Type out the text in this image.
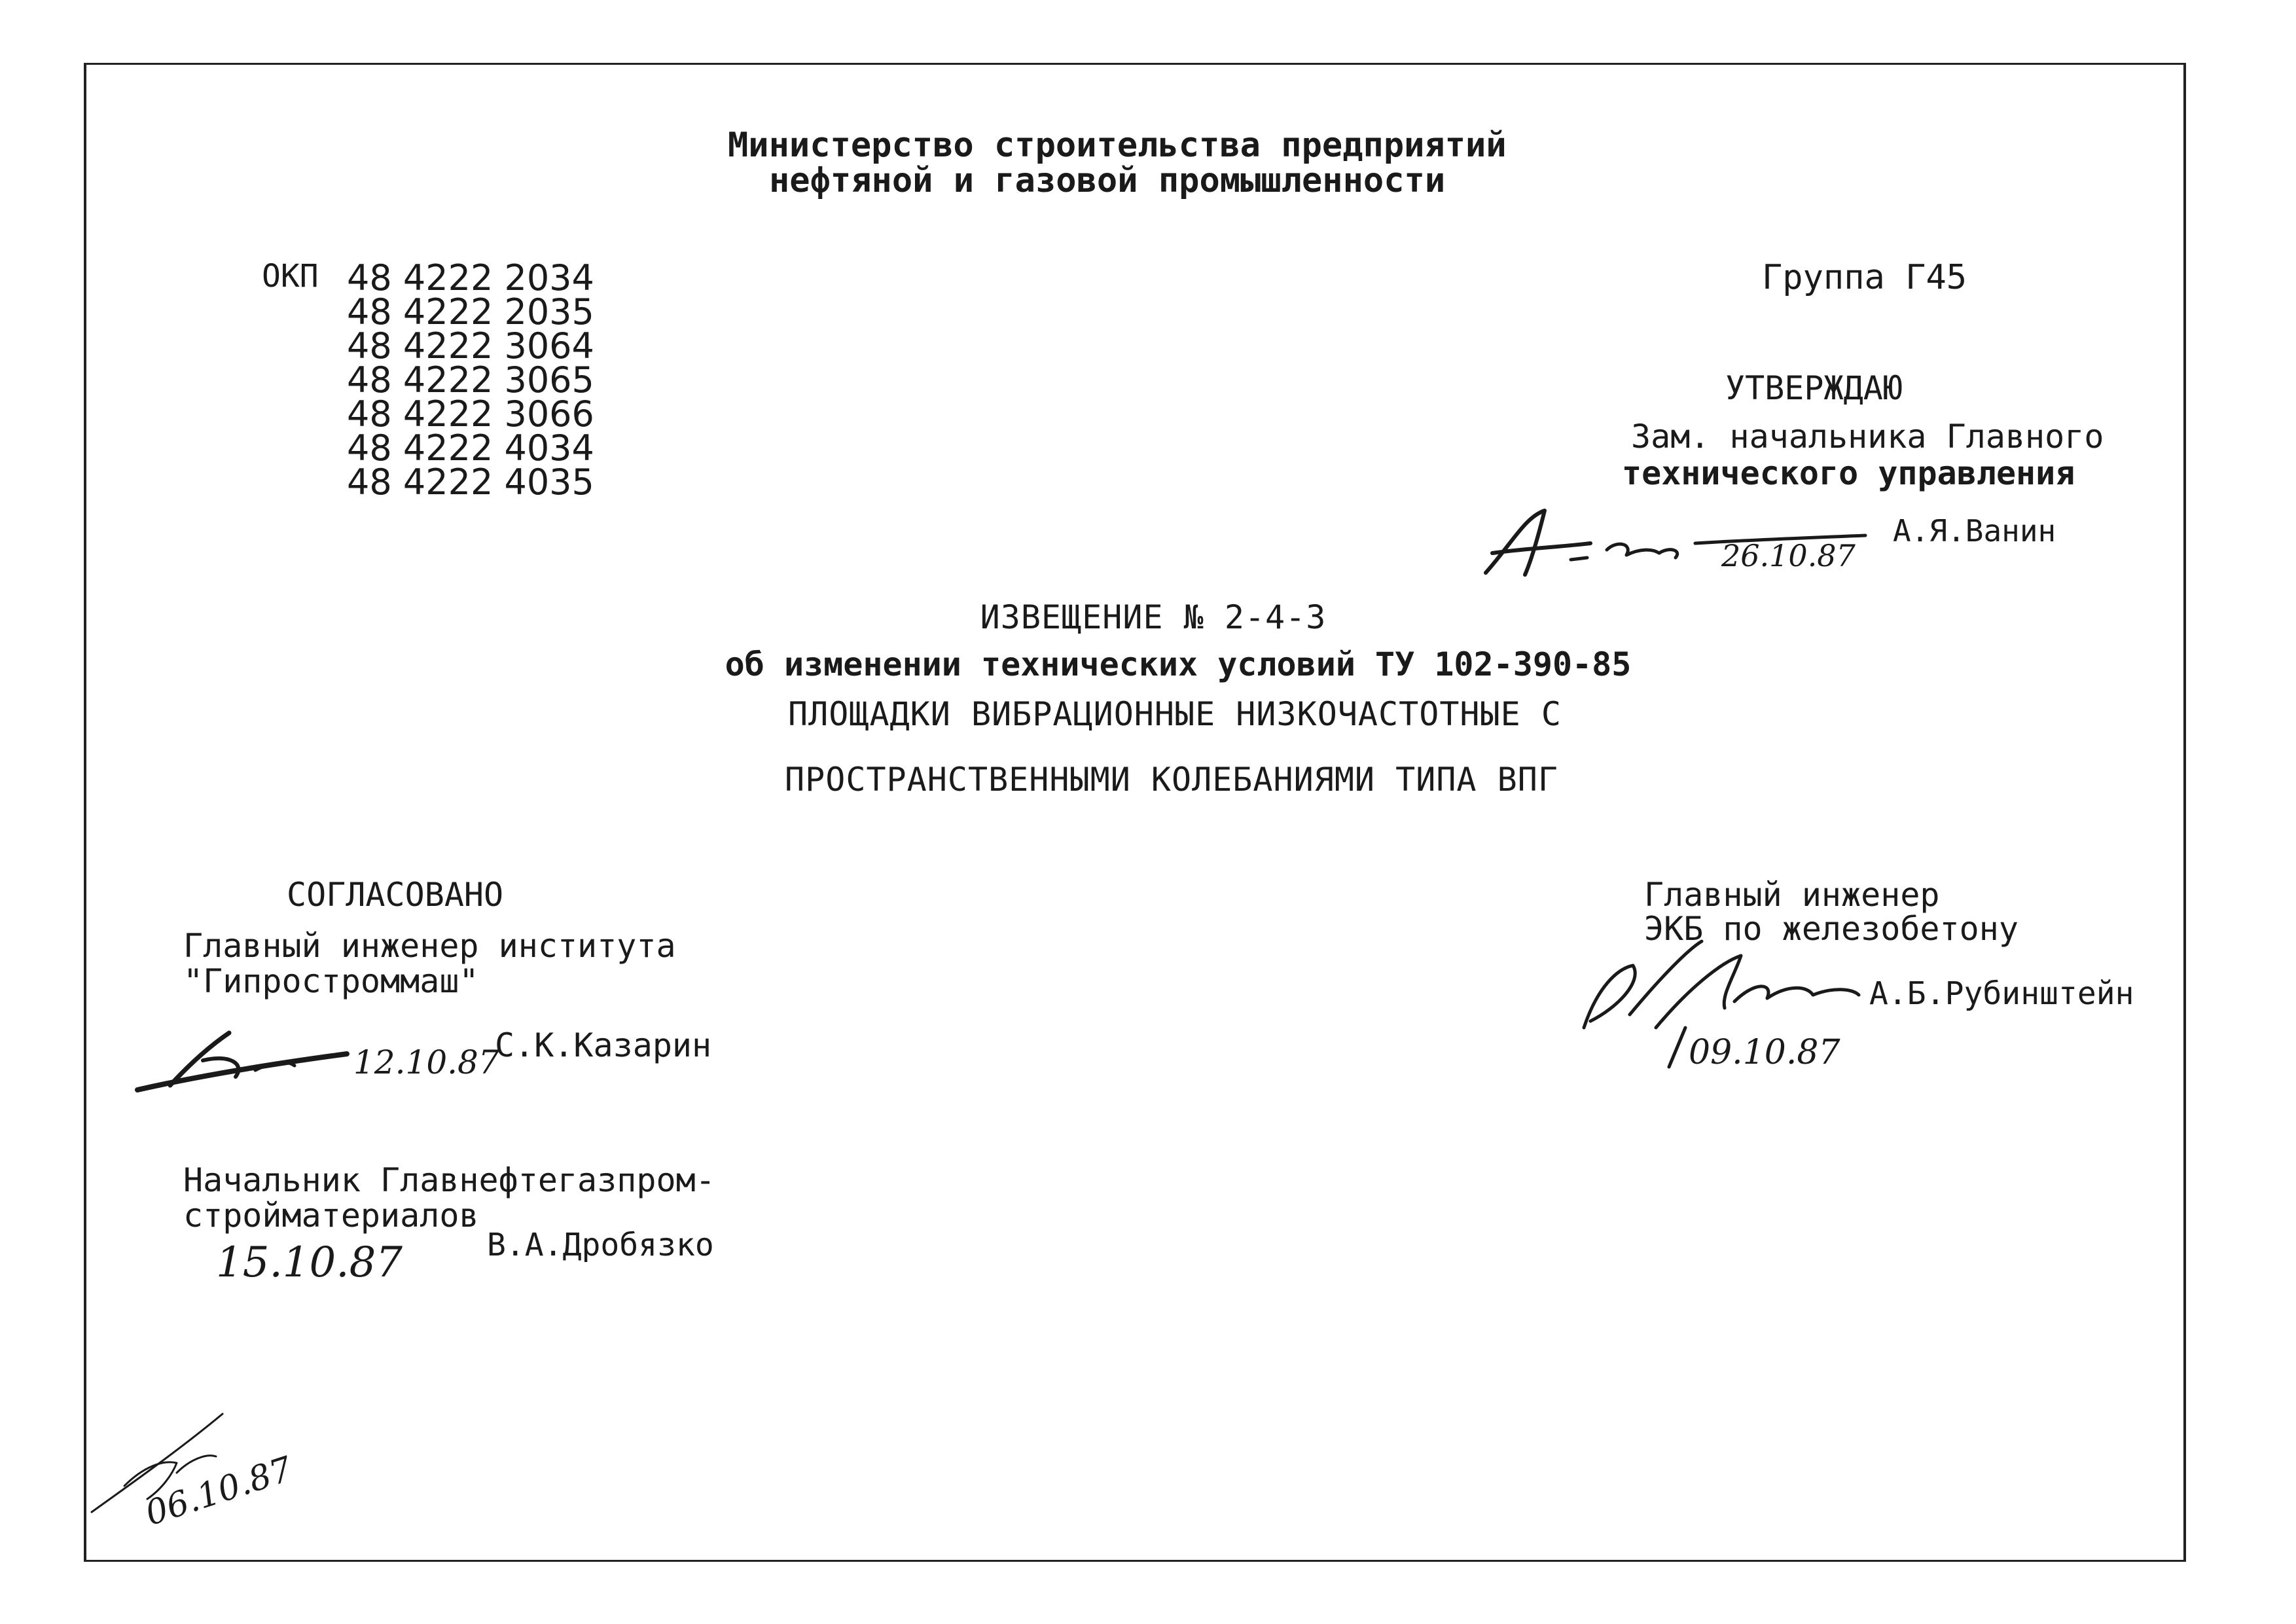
Министерство строительства предприятий
нефтяной и газовой промышленности
ОКП 48 4222 2034
48 4222 2035
48 4222 3064
48 4222 3065
48 4222 3066
48 4222 4034
48 4222 4035
Группа Г45
УТВЕРЖДАЮ
Зам. начальника Главного
технического управления
А.Я.Ванин
26.10.87
ИЗВЕЩЕНИЕ № 2-4-3
об изменении технических условий ТУ 102-390-85
ПЛОЩАДКИ ВИБРАЦИОННЫЕ НИЗКОЧАСТОТНЫЕ С
ПРОСТРАНСТВЕННЫМИ КОЛЕБАНИЯМИ ТИПА ВПГ
СОГЛАСОВАНО
Главный инженер института
"Гипростроммаш"
С.К.Казарин
12.10.87
Главный инженер
ЭКБ по железобетону
А.Б.Рубинштейн
09.10.87
Начальник Главнефтегазпром-
стройматериалов
В.А.Дробязко
15.10.87
06.10.87
